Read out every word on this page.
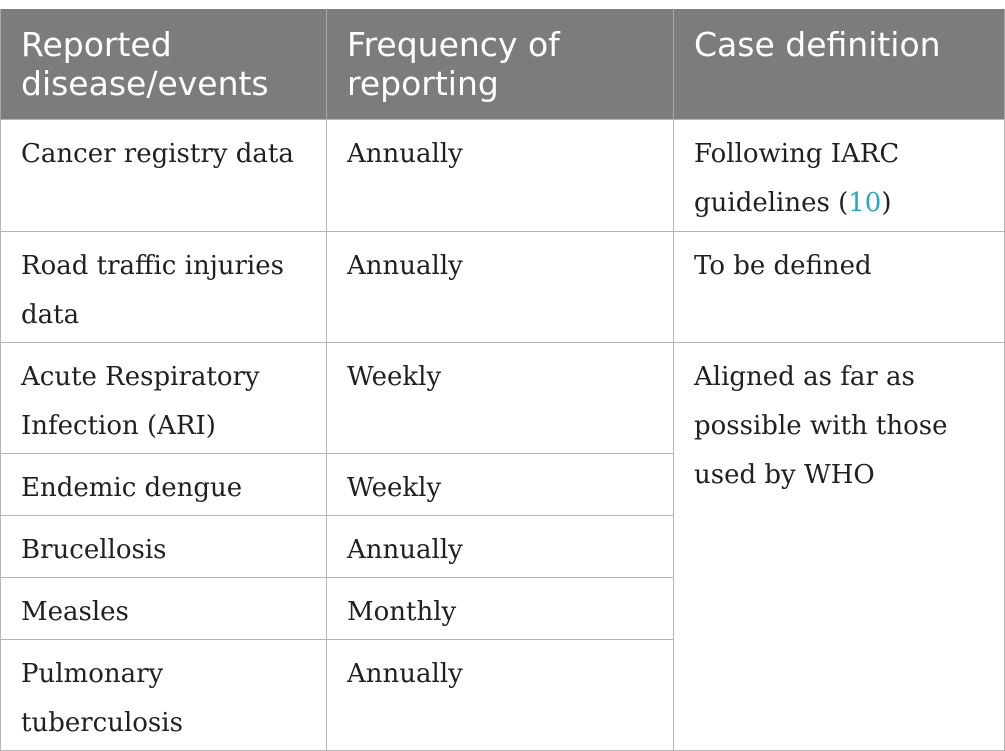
Reported disease/events	Frequency of reporting	Case definition
Cancer registry data	Annually	Following IARC guidelines (10)
Road traffic injuries data	Annually	To be defined
Acute Respiratory Infection (ARI)	Weekly	Aligned as far as possible with those used by WHO
Endemic dengue	Weekly	
Brucellosis	Annually	
Measles	Monthly	
Pulmonary tuberculosis	Annually	
